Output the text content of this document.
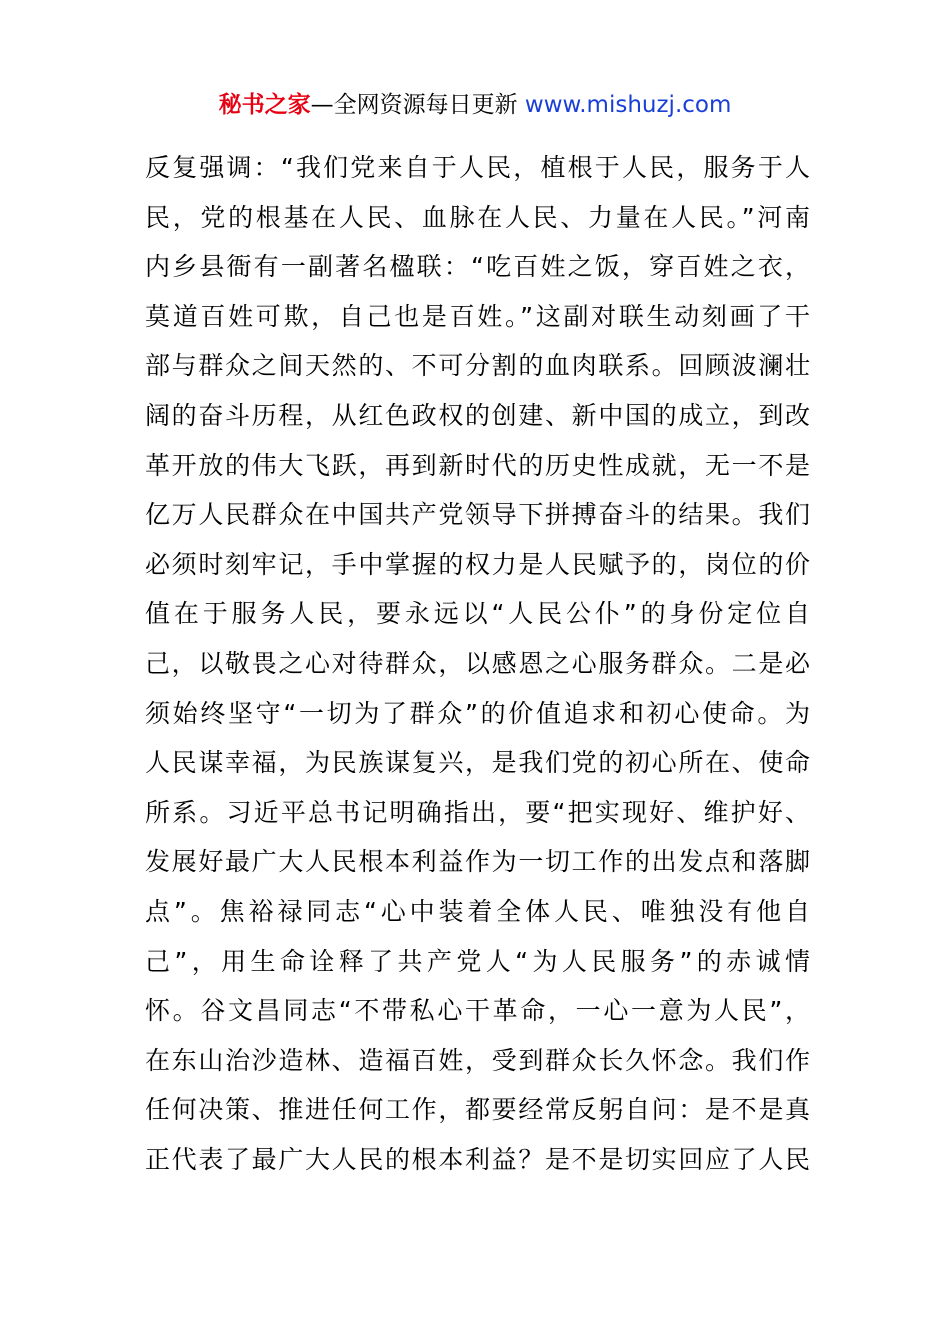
秘书之家—全网资源每日更新 www.mishuzj.com
反复强调：“我们党来自于人民，植根于人民，服务于人
民，党的根基在人民、血脉在人民、力量在人民。”河南
内乡县衙有一副著名楹联：“吃百姓之饭，穿百姓之衣，
莫道百姓可欺，自己也是百姓。”这副对联生动刻画了干
部与群众之间天然的、不可分割的血肉联系。回顾波澜壮
阔的奋斗历程，从红色政权的创建、新中国的成立，到改
革开放的伟大飞跃，再到新时代的历史性成就，无一不是
亿万人民群众在中国共产党领导下拼搏奋斗的结果。我们
必须时刻牢记，手中掌握的权力是人民赋予的，岗位的价
值在于服务人民，要永远以“人民公仆”的身份定位自
己，以敬畏之心对待群众，以感恩之心服务群众。二是必
须始终坚守“一切为了群众”的价值追求和初心使命。为
人民谋幸福，为民族谋复兴，是我们党的初心所在、使命
所系。习近平总书记明确指出，要“把实现好、维护好、
发展好最广大人民根本利益作为一切工作的出发点和落脚
点”。焦裕禄同志“心中装着全体人民、唯独没有他自
己”，用生命诠释了共产党人“为人民服务”的赤诚情
怀。谷文昌同志“不带私心干革命，一心一意为人民”，
在东山治沙造林、造福百姓，受到群众长久怀念。我们作
任何决策、推进任何工作，都要经常反躬自问：是不是真
正代表了最广大人民的根本利益？是不是切实回应了人民
